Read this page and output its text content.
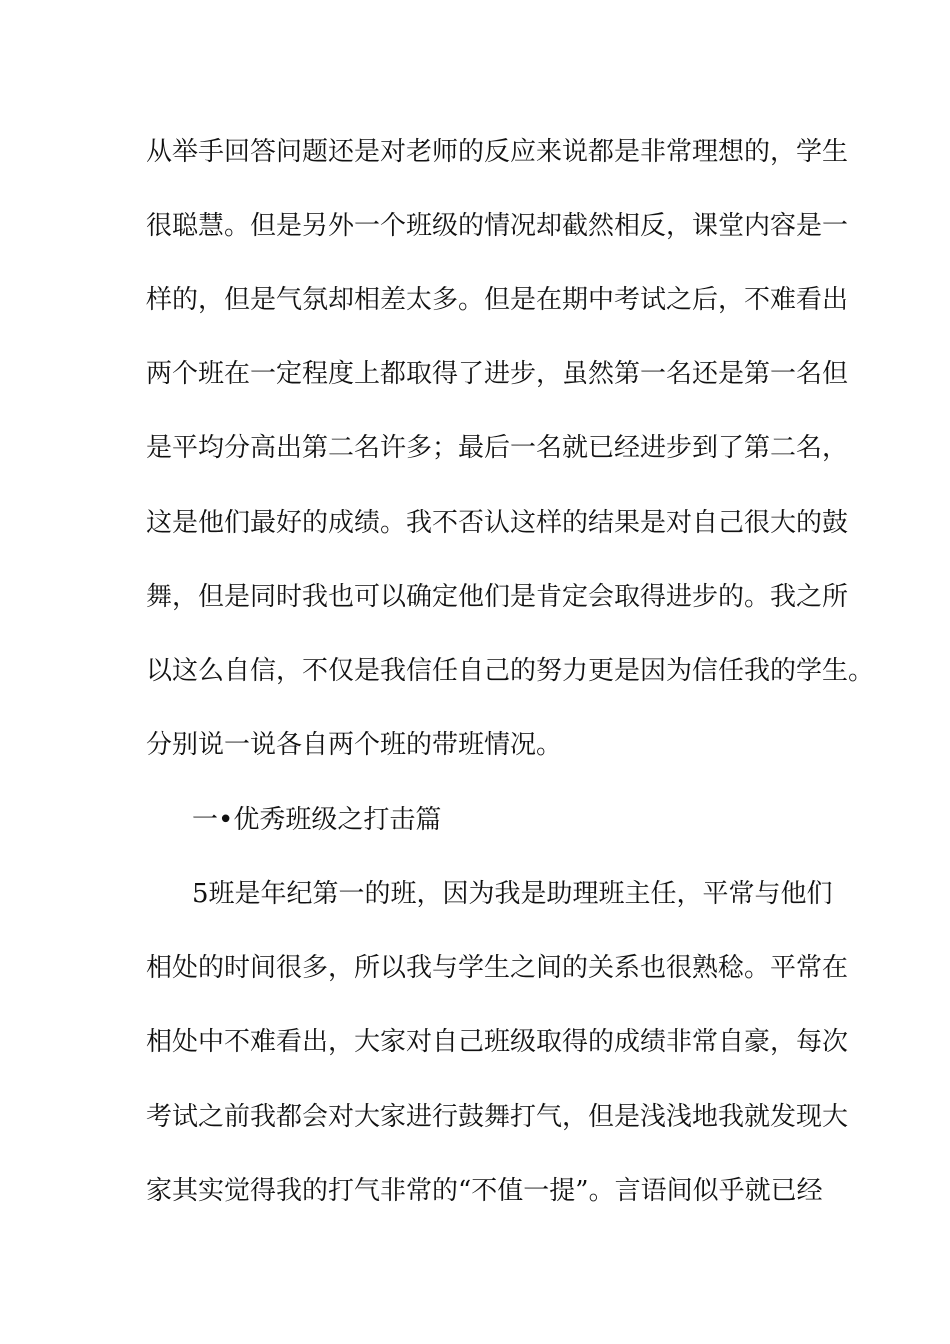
从举手回答问题还是对老师的反应来说都是非常理想的，学生
很聪慧。但是另外一个班级的情况却截然相反，课堂内容是一
样的，但是气氛却相差太多。但是在期中考试之后，不难看出
两个班在一定程度上都取得了进步，虽然第一名还是第一名但
是平均分高出第二名许多；最后一名就已经进步到了第二名，
这是他们最好的成绩。我不否认这样的结果是对自己很大的鼓
舞，但是同时我也可以确定他们是肯定会取得进步的。我之所
以这么自信，不仅是我信任自己的努力更是因为信任我的学生。
分别说一说各自两个班的带班情况。
一•优秀班级之打击篇
5班是年纪第一的班，因为我是助理班主任，平常与他们
相处的时间很多，所以我与学生之间的关系也很熟稔。平常在
相处中不难看出，大家对自己班级取得的成绩非常自豪，每次
考试之前我都会对大家进行鼓舞打气，但是浅浅地我就发现大
家其实觉得我的打气非常的“不值一提”。言语间似乎就已经
